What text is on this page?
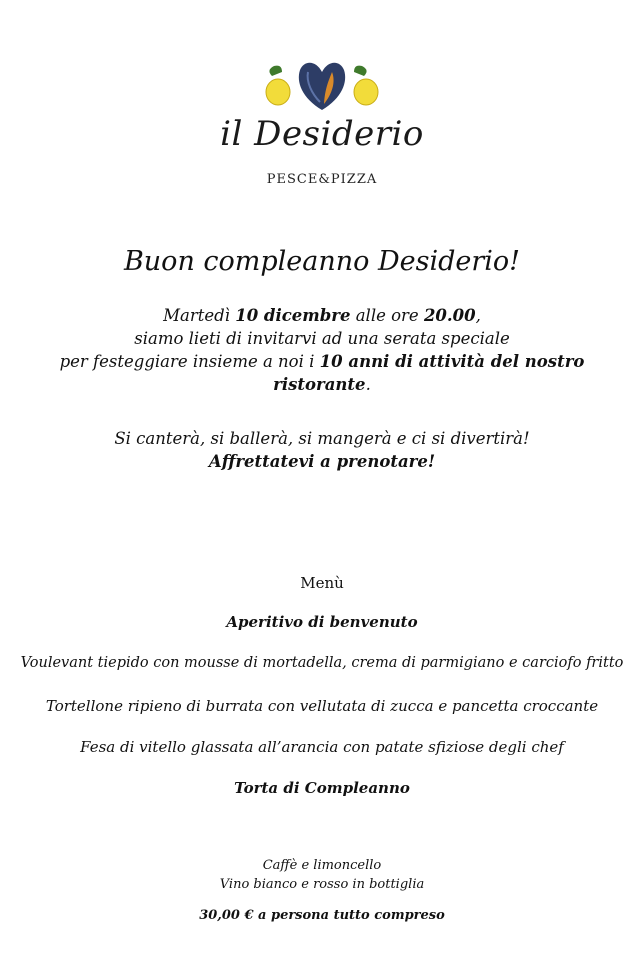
il Desiderio
PESCE&PIZZA
Buon compleanno Desiderio!
Martedì 10 dicembre alle ore 20.00,
siamo lieti di invitarvi ad una serata speciale
per festeggiare insieme a noi i 10 anni di attività del nostro
ristorante.
Si canterà, si ballerà, si mangerà e ci si divertirà!
Affrettatevi a prenotare!
Menù
Aperitivo di benvenuto
Voulevant tiepido con mousse di mortadella, crema di parmigiano e carciofo fritto
Tortellone ripieno di burrata con vellutata di zucca e pancetta croccante
Fesa di vitello glassata all’arancia con patate sfiziose degli chef
Torta di Compleanno
Caffè e limoncello
Vino bianco e rosso in bottiglia
30,00 € a persona tutto compreso
